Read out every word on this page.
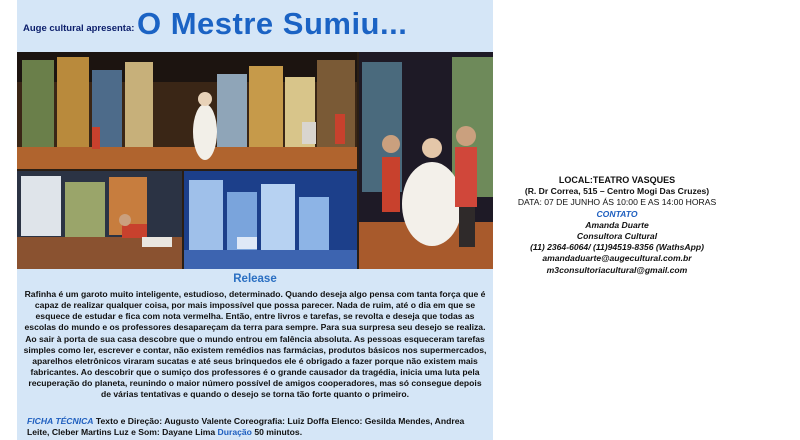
Auge cultural apresenta: O Mestre Sumiu...
Release
Rafinha é um garoto muito inteligente, estudioso, determinado. Quando deseja algo pensa com tanta força que é capaz de realizar qualquer coisa, por mais impossível que possa parecer. Nada de ruim, até o dia em que se esquece de estudar e fica com nota vermelha. Então, entre livros e tarefas, se revolta e deseja que todas as escolas do mundo e os professores desapareçam da terra para sempre. Para sua surpresa seu desejo se realiza. Ao sair à porta de sua casa descobre que o mundo entrou em falência absoluta. As pessoas esqueceram tarefas simples como ler, escrever e contar, não existem remédios nas farmácias, produtos básicos nos supermercados, aparelhos eletrônicos viraram sucatas e até seus brinquedos ele é obrigado a fazer porque não existem mais fabricantes. Ao descobrir que o sumiço dos professores é o grande causador da tragédia, inicia uma luta pela recuperação do planeta, reunindo o maior número possível de amigos cooperadores, mas só consegue depois de várias tentativas e quando o desejo se torna tão forte quanto o primeiro.
FICHA TÉCNICA Texto e Direção: Augusto Valente Coreografia: Luiz Doffa Elenco: Gesilda Mendes, Andrea Leite, Cleber Martins Luz e Som: Dayane Lima Duração 50 minutos.
LOCAL:TEATRO VASQUES
(R. Dr Correa, 515 – Centro Mogi Das Cruzes)
DATA: 07 DE JUNHO ÁS 10:00 E AS 14:00 HORAS
CONTATO
Amanda Duarte
Consultora Cultural
(11) 2364-6064/ (11)94519-8356 (WathsApp)
amandaduarte@augecultural.com.br
m3consultoriacultural@gmail.com
